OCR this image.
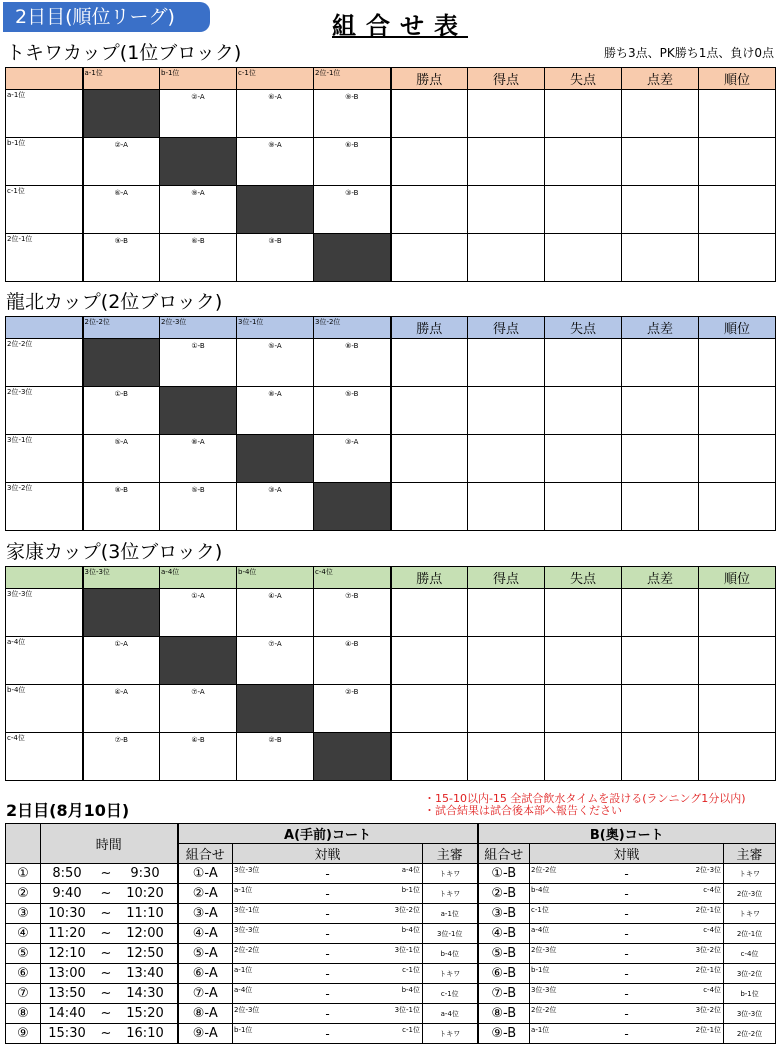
2日目(順位リーグ)	組合せ表
勝ち3点、PK勝ち1点、負け0点
トキワカップ(1位ブロック)
	a-1位	b-1位	c-1位	2位-1位	勝点	得点	失点	点差	順位
a-1位		②-A	⑥-A	⑨-B					
b-1位	②-A		⑨-A	⑥-B					
c-1位	⑥-A	⑨-A		③-B					
2位-1位	⑨-B	⑥-B	③-B						
龍北カップ(2位ブロック)
	2位-2位	2位-3位	3位-1位	3位-2位	勝点	得点	失点	点差	順位
2位-2位		①-B	⑤-A	⑧-B					
2位-3位	①-B		⑧-A	⑤-B					
3位-1位	⑤-A	⑧-A		③-A					
3位-2位	⑧-B	⑤-B	③-A						
家康カップ(3位ブロック)
	3位-3位	a-4位	b-4位	c-4位	勝点	得点	失点	点差	順位
3位-3位		①-A	④-A	⑦-B					
a-4位	①-A		⑦-A	④-B					
b-4位	④-A	⑦-A		②-B					
c-4位	⑦-B	④-B	②-B						
2日目(8月10日)
・15-10以内-15 全試合飲水タイムを設ける(ランニング1分以内)
・試合結果は試合後本部へ報告ください
	時間	A(手前)コート			B(奥)コート		
		組合せ	対戦	主審	組合せ	対戦	主審
①	8:50 ~ 9:30	①-A	3位-3位 - a-4位	トキワ	①-B	2位-2位 - 2位-3位	トキワ
②	9:40 ~ 10:20	②-A	a-1位 - b-1位	トキワ	②-B	b-4位 - c-4位	2位-3位
③	10:30 ~ 11:10	③-A	3位-1位 - 3位-2位	a-1位	③-B	c-1位 - 2位-1位	トキワ
④	11:20 ~ 12:00	④-A	3位-3位 - b-4位	3位-1位	④-B	a-4位 - c-4位	2位-1位
⑤	12:10 ~ 12:50	⑤-A	2位-2位 - 3位-1位	b-4位	⑤-B	2位-3位 - 3位-2位	c-4位
⑥	13:00 ~ 13:40	⑥-A	a-1位 - c-1位	トキワ	⑥-B	b-1位 - 2位-1位	3位-2位
⑦	13:50 ~ 14:30	⑦-A	a-4位 - b-4位	c-1位	⑦-B	3位-3位 - c-4位	b-1位
⑧	14:40 ~ 15:20	⑧-A	2位-3位 - 3位-1位	a-4位	⑧-B	2位-2位 - 3位-2位	3位-3位
⑨	15:30 ~ 16:10	⑨-A	b-1位 - c-1位	トキワ	⑨-B	a-1位 - 2位-1位	2位-2位
